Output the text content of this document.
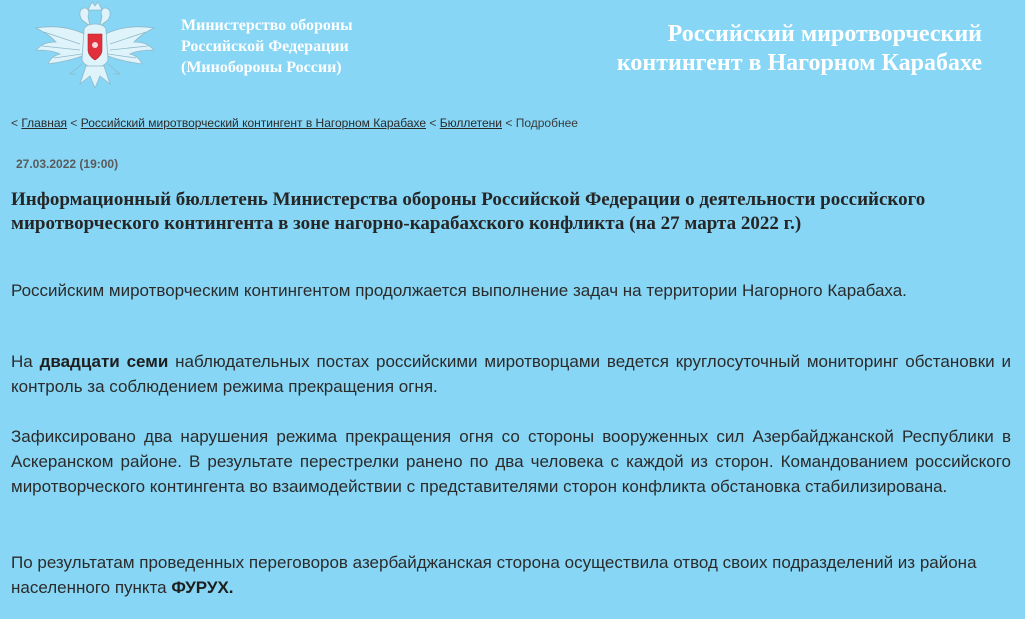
Министерство обороны
Российской Федерации
(Минобороны России)
Российский миротворческий
контингент в Нагорном Карабахе
< Главная < Российский миротворческий контингент в Нагорном Карабахе < Бюллетени < Подробнее
27.03.2022 (19:00)
Информационный бюллетень Министерства обороны Российской Федерации о деятельности российского миротворческого контингента в зоне нагорно-карабахского конфликта (на 27 марта 2022 г.)
Российским миротворческим контингентом продолжается выполнение задач на территории Нагорного Карабаха.
На двадцати семи наблюдательных постах российскими миротворцами ведется круглосуточный мониторинг обстановки и контроль за соблюдением режима прекращения огня.
Зафиксировано два нарушения режима прекращения огня со стороны вооруженных сил Азербайджанской Республики в Аскеранском районе. В результате перестрелки ранено по два человека с каждой из сторон. Командованием российского миротворческого контингента во взаимодействии с представителями сторон конфликта обстановка стабилизирована.
По результатам проведенных переговоров азербайджанская сторона осуществила отвод своих подразделений из района населенного пункта ФУРУХ.
